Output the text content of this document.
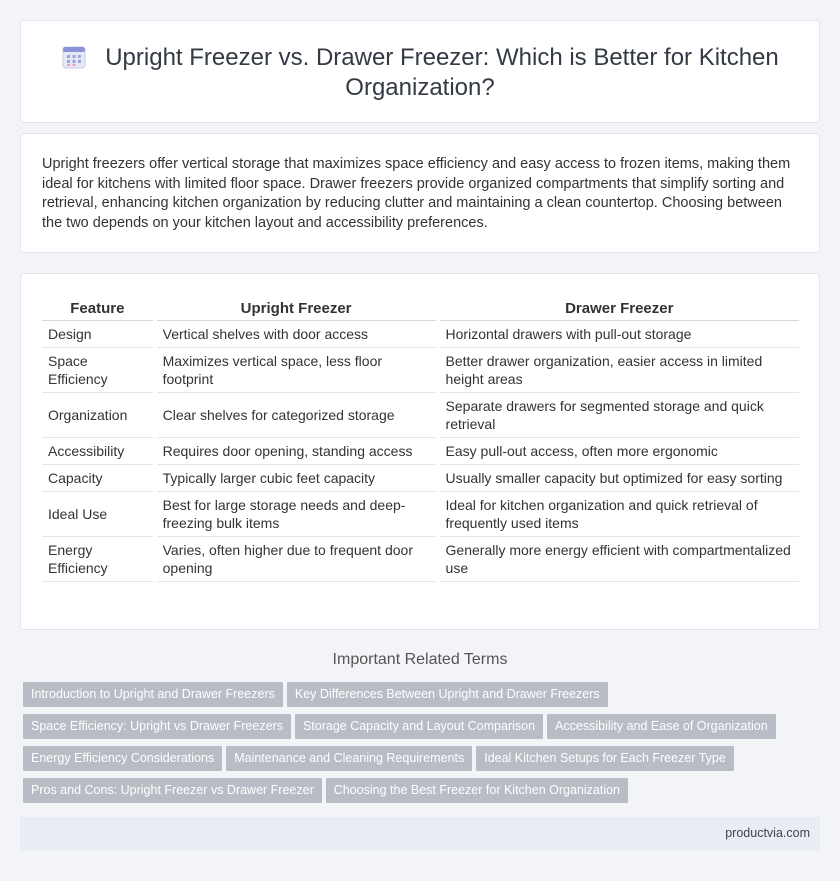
Upright Freezer vs. Drawer Freezer: Which is Better for Kitchen Organization?
Upright freezers offer vertical storage that maximizes space efficiency and easy access to frozen items, making them ideal for kitchens with limited floor space. Drawer freezers provide organized compartments that simplify sorting and retrieval, enhancing kitchen organization by reducing clutter and maintaining a clean countertop. Choosing between the two depends on your kitchen layout and accessibility preferences.
Feature		Upright Freezer		Drawer Freezer
Design		Vertical shelves with door access		Horizontal drawers with pull-out storage
Space Efficiency		Maximizes vertical space, less floor footprint		Better drawer organization, easier access in limited height areas
Organization		Clear shelves for categorized storage		Separate drawers for segmented storage and quick retrieval
Accessibility		Requires door opening, standing access		Easy pull-out access, often more ergonomic
Capacity		Typically larger cubic feet capacity		Usually smaller capacity but optimized for easy sorting
Ideal Use		Best for large storage needs and deep-freezing bulk items		Ideal for kitchen organization and quick retrieval of frequently used items
Energy Efficiency		Varies, often higher due to frequent door opening		Generally more energy efficient with compartmentalized use
Important Related Terms
Introduction to Upright and Drawer Freezers Key Differences Between Upright and Drawer Freezers
Space Efficiency: Upright vs Drawer Freezers Storage Capacity and Layout Comparison Accessibility and Ease of Organization
Energy Efficiency Considerations Maintenance and Cleaning Requirements Ideal Kitchen Setups for Each Freezer Type
Pros and Cons: Upright Freezer vs Drawer Freezer Choosing the Best Freezer for Kitchen Organization
productvia.com
